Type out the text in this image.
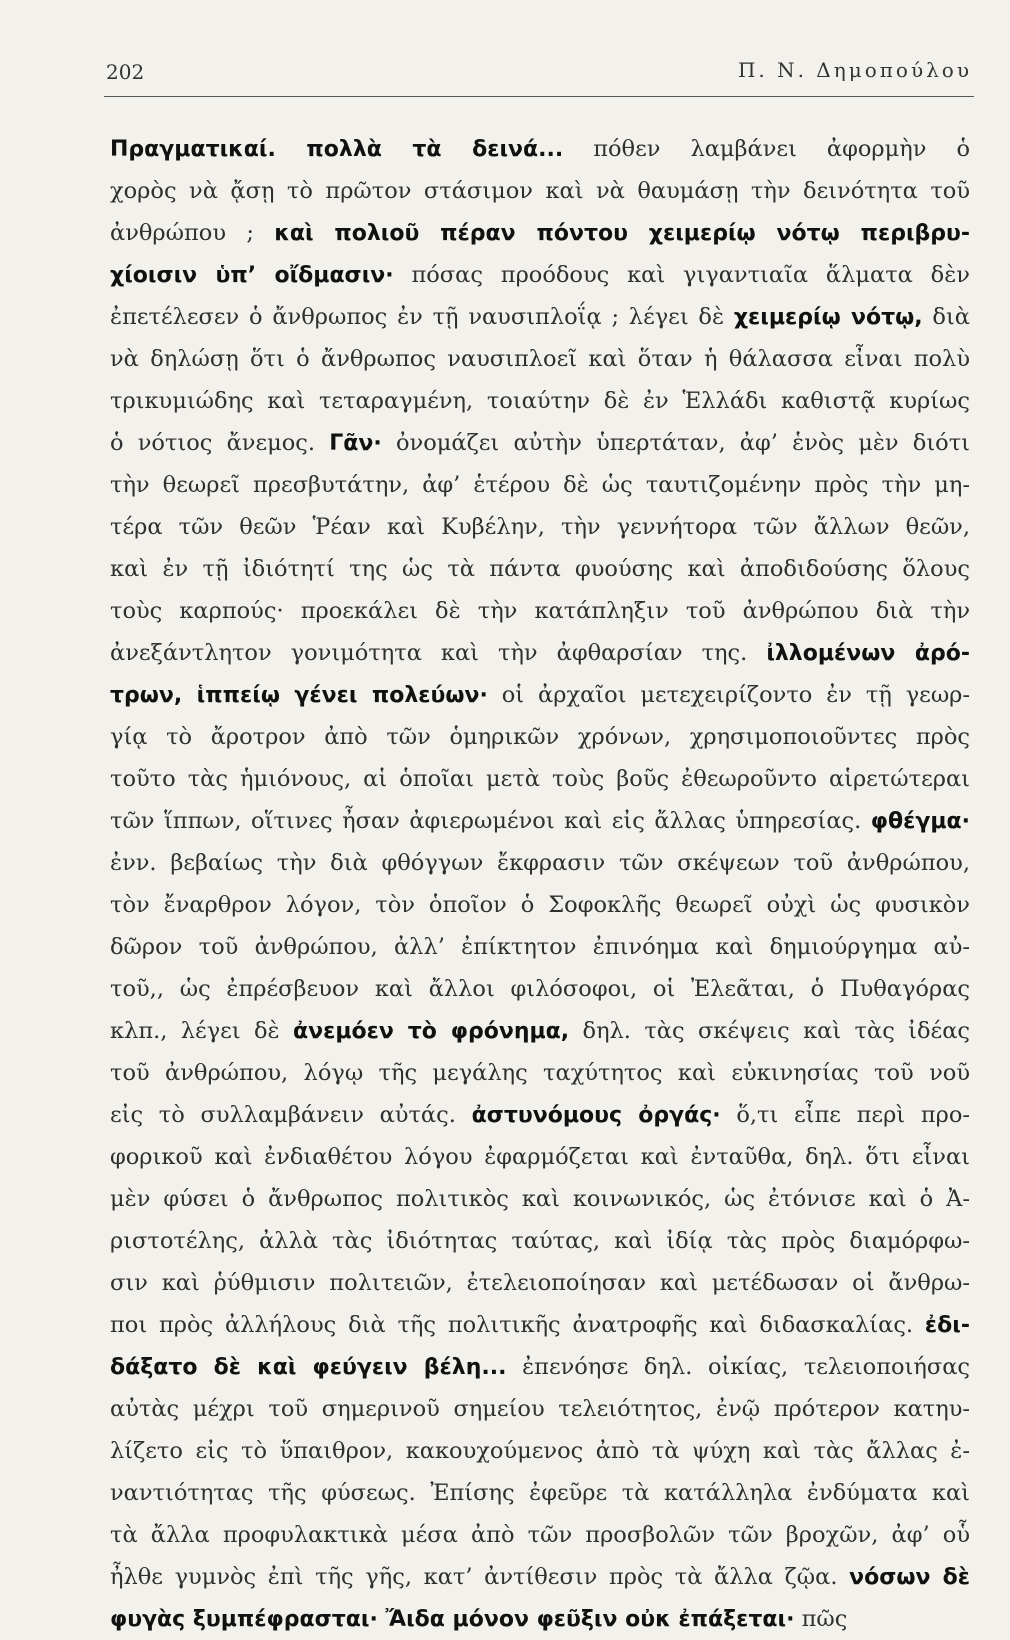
202	Π. Ν. Δημοπούλου
Πραγματικαί. πολλὰ τὰ δεινά... πόθεν λαμβάνει ἀφορμὴν ὁ
χορὸς νὰ ᾄσῃ τὸ πρῶτον στάσιμον καὶ νὰ θαυμάσῃ τὴν δεινότητα τοῦ
ἀνθρώπου ; καὶ πολιοῦ πέραν πόντου χειμερίῳ νότῳ περιβρυ-
χίοισιν ὑπ’ οἴδμασιν· πόσας προόδους καὶ γιγαντιαῖα ἅλματα δὲν
ἐπετέλεσεν ὁ ἄνθρωπος ἐν τῇ ναυσιπλοΐᾳ ; λέγει δὲ χειμερίῳ νότῳ, διὰ
νὰ δηλώσῃ ὅτι ὁ ἄνθρωπος ναυσιπλοεῖ καὶ ὅταν ἡ θάλασσα εἶναι πολὺ
τρικυμιώδης καὶ τεταραγμένη, τοιαύτην δὲ ἐν Ἑλλάδι καθιστᾷ κυρίως
ὁ νότιος ἄνεμος. Γᾶν· ὀνομάζει αὐτὴν ὑπερτάταν, ἀφ’ ἑνὸς μὲν διότι
τὴν θεωρεῖ πρεσβυτάτην, ἀφ’ ἑτέρου δὲ ὡς ταυτιζομένην πρὸς τὴν μη-
τέρα τῶν θεῶν Ῥέαν καὶ Κυβέλην, τὴν γεννήτορα τῶν ἄλλων θεῶν,
καὶ ἐν τῇ ἰδιότητί της ὡς τὰ πάντα φυούσης καὶ ἀποδιδούσης ὅλους
τοὺς καρπούς· προεκάλει δὲ τὴν κατάπληξιν τοῦ ἀνθρώπου διὰ τὴν
ἀνεξάντλητον γονιμότητα καὶ τὴν ἀφθαρσίαν της. ἰλλομένων ἀρό-
τρων, ἱππείῳ γένει πολεύων· οἱ ἀρχαῖοι μετεχειρίζοντο ἐν τῇ γεωρ-
γίᾳ τὸ ἄροτρον ἀπὸ τῶν ὁμηρικῶν χρόνων, χρησιμοποιοῦντες πρὸς
τοῦτο τὰς ἡμιόνους, αἱ ὁποῖαι μετὰ τοὺς βοῦς ἐθεωροῦντο αἱρετώτεραι
τῶν ἵππων, οἵτινες ἦσαν ἀφιερωμένοι καὶ εἰς ἄλλας ὑπηρεσίας. φθέγμα·
ἐνν. βεβαίως τὴν διὰ φθόγγων ἔκφρασιν τῶν σκέψεων τοῦ ἀνθρώπου,
τὸν ἔναρθρον λόγον, τὸν ὁποῖον ὁ Σοφοκλῆς θεωρεῖ οὐχὶ ὡς φυσικὸν
δῶρον τοῦ ἀνθρώπου, ἀλλ’ ἐπίκτητον ἐπινόημα καὶ δημιούργημα αὐ-
τοῦ,, ὡς ἐπρέσβευον καὶ ἄλλοι φιλόσοφοι, οἱ Ἐλεᾶται, ὁ Πυθαγόρας
κλπ., λέγει δὲ ἀνεμόεν τὸ φρόνημα, δηλ. τὰς σκέψεις καὶ τὰς ἰδέας
τοῦ ἀνθρώπου, λόγῳ τῆς μεγάλης ταχύτητος καὶ εὐκινησίας τοῦ νοῦ
εἰς τὸ συλλαμβάνειν αὐτάς. ἀστυνόμους ὀργάς· ὅ,τι εἶπε περὶ προ-
φορικοῦ καὶ ἐνδιαθέτου λόγου ἐφαρμόζεται καὶ ἐνταῦθα, δηλ. ὅτι εἶναι
μὲν φύσει ὁ ἄνθρωπος πολιτικὸς καὶ κοινωνικός, ὡς ἐτόνισε καὶ ὁ Ἀ-
ριστοτέλης, ἀλλὰ τὰς ἰδιότητας ταύτας, καὶ ἰδίᾳ τὰς πρὸς διαμόρφω-
σιν καὶ ῥύθμισιν πολιτειῶν, ἐτελειοποίησαν καὶ μετέδωσαν οἱ ἄνθρω-
ποι πρὸς ἀλλήλους διὰ τῆς πολιτικῆς ἀνατροφῆς καὶ διδασκαλίας. ἐδι-
δάξατο δὲ καὶ φεύγειν βέλη... ἐπενόησε δηλ. οἰκίας, τελειοποιήσας
αὐτὰς μέχρι τοῦ σημερινοῦ σημείου τελειότητος, ἐνῷ πρότερον κατηυ-
λίζετο εἰς τὸ ὕπαιθρον, κακουχούμενος ἀπὸ τὰ ψύχη καὶ τὰς ἄλλας ἐ-
ναντιότητας τῆς φύσεως. Ἐπίσης ἐφεῦρε τὰ κατάλληλα ἐνδύματα καὶ
τὰ ἄλλα προφυλακτικὰ μέσα ἀπὸ τῶν προσβολῶν τῶν βροχῶν, ἀφ’ οὗ
ἦλθε γυμνὸς ἐπὶ τῆς γῆς, κατ’ ἀντίθεσιν πρὸς τὰ ἄλλα ζῷα. νόσων δὲ
φυγὰς ξυμπέφρασται· Ἄιδα μόνον φεῦξιν οὐκ ἐπάξεται· πῶς
